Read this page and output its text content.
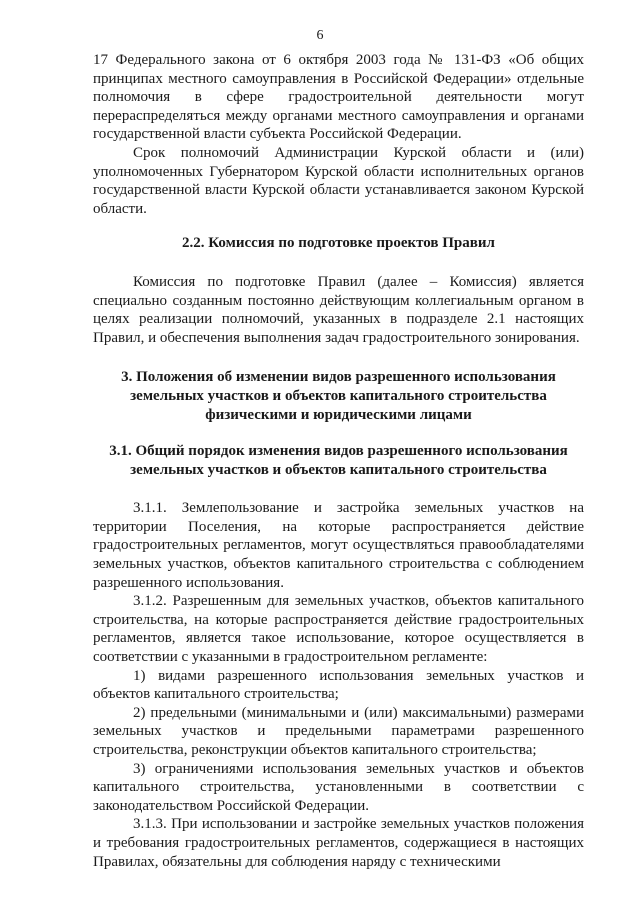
6

17 Федерального закона от 6 октября 2003 года № 131-ФЗ «Об общих принципах местного самоуправления в Российской Федерации» отдельные полномочия в сфере градостроительной деятельности могут перераспределяться между органами местного самоуправления и органами государственной власти субъекта Российской Федерации.

Срок полномочий Администрации Курской области и (или) уполномоченных Губернатором Курской области исполнительных органов государственной власти Курской области устанавливается законом Курской области.

2.2. Комиссия по подготовке проектов Правил

Комиссия по подготовке Правил (далее – Комиссия) является специально созданным постоянно действующим коллегиальным органом в целях реализации полномочий, указанных в подразделе 2.1 настоящих Правил, и обеспечения выполнения задач градостроительного зонирования.

3. Положения об изменении видов разрешенного использования земельных участков и объектов капитального строительства физическими и юридическими лицами

3.1. Общий порядок изменения видов разрешенного использования земельных участков и объектов капитального строительства

3.1.1. Землепользование и застройка земельных участков на территории Поселения, на которые распространяется действие градостроительных регламентов, могут осуществляться правообладателями земельных участков, объектов капитального строительства с соблюдением разрешенного использования.

3.1.2. Разрешенным для земельных участков, объектов капитального строительства, на которые распространяется действие градостроительных регламентов, является такое использование, которое осуществляется в соответствии с указанными в градостроительном регламенте:

1) видами разрешенного использования земельных участков и объектов капитального строительства;

2) предельными (минимальными и (или) максимальными) размерами земельных участков и предельными параметрами разрешенного строительства, реконструкции объектов капитального строительства;

3) ограничениями использования земельных участков и объектов капитального строительства, установленными в соответствии с законодательством Российской Федерации.

3.1.3. При использовании и застройке земельных участков положения и требования градостроительных регламентов, содержащиеся в настоящих Правилах, обязательны для соблюдения наряду с техническими
